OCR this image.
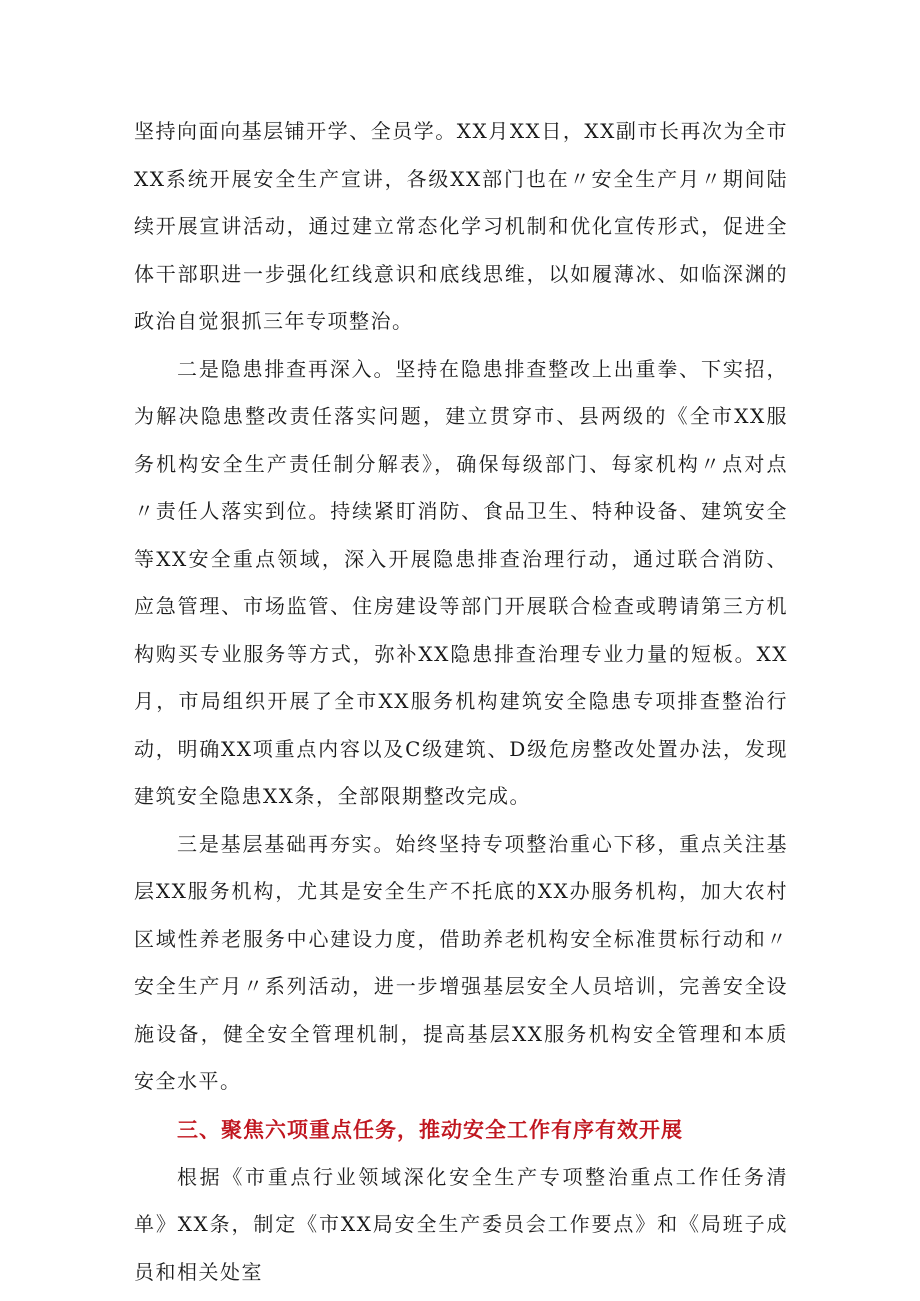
坚持向面向基层铺开学、全员学。XX月XX日，XX副市长再次为全市XX系统开展安全生产宣讲，各级XX部门也在〃安全生产月〃期间陆续开展宣讲活动，通过建立常态化学习机制和优化宣传形式，促进全体干部职进一步强化红线意识和底线思维，以如履薄冰、如临深渊的政治自觉狠抓三年专项整治。

二是隐患排查再深入。坚持在隐患排查整改上出重拳、下实招，为解决隐患整改责任落实问题，建立贯穿市、县两级的《全市XX服务机构安全生产责任制分解表》，确保每级部门、每家机构〃点对点〃责任人落实到位。持续紧盯消防、食品卫生、特种设备、建筑安全等XX安全重点领域，深入开展隐患排查治理行动，通过联合消防、应急管理、市场监管、住房建设等部门开展联合检查或聘请第三方机构购买专业服务等方式，弥补XX隐患排查治理专业力量的短板。XX月，市局组织开展了全市XX服务机构建筑安全隐患专项排查整治行动，明确XX项重点内容以及C级建筑、D级危房整改处置办法，发现建筑安全隐患XX条，全部限期整改完成。

三是基层基础再夯实。始终坚持专项整治重心下移，重点关注基层XX服务机构，尤其是安全生产不托底的XX办服务机构，加大农村区域性养老服务中心建设力度，借助养老机构安全标准贯标行动和〃安全生产月〃系列活动，进一步增强基层安全人员培训，完善安全设施设备，健全安全管理机制，提高基层XX服务机构安全管理和本质安全水平。

三、聚焦六项重点任务，推动安全工作有序有效开展

根据《市重点行业领域深化安全生产专项整治重点工作任务清单》XX条，制定《市XX局安全生产委员会工作要点》和《局班子成员和相关处室
